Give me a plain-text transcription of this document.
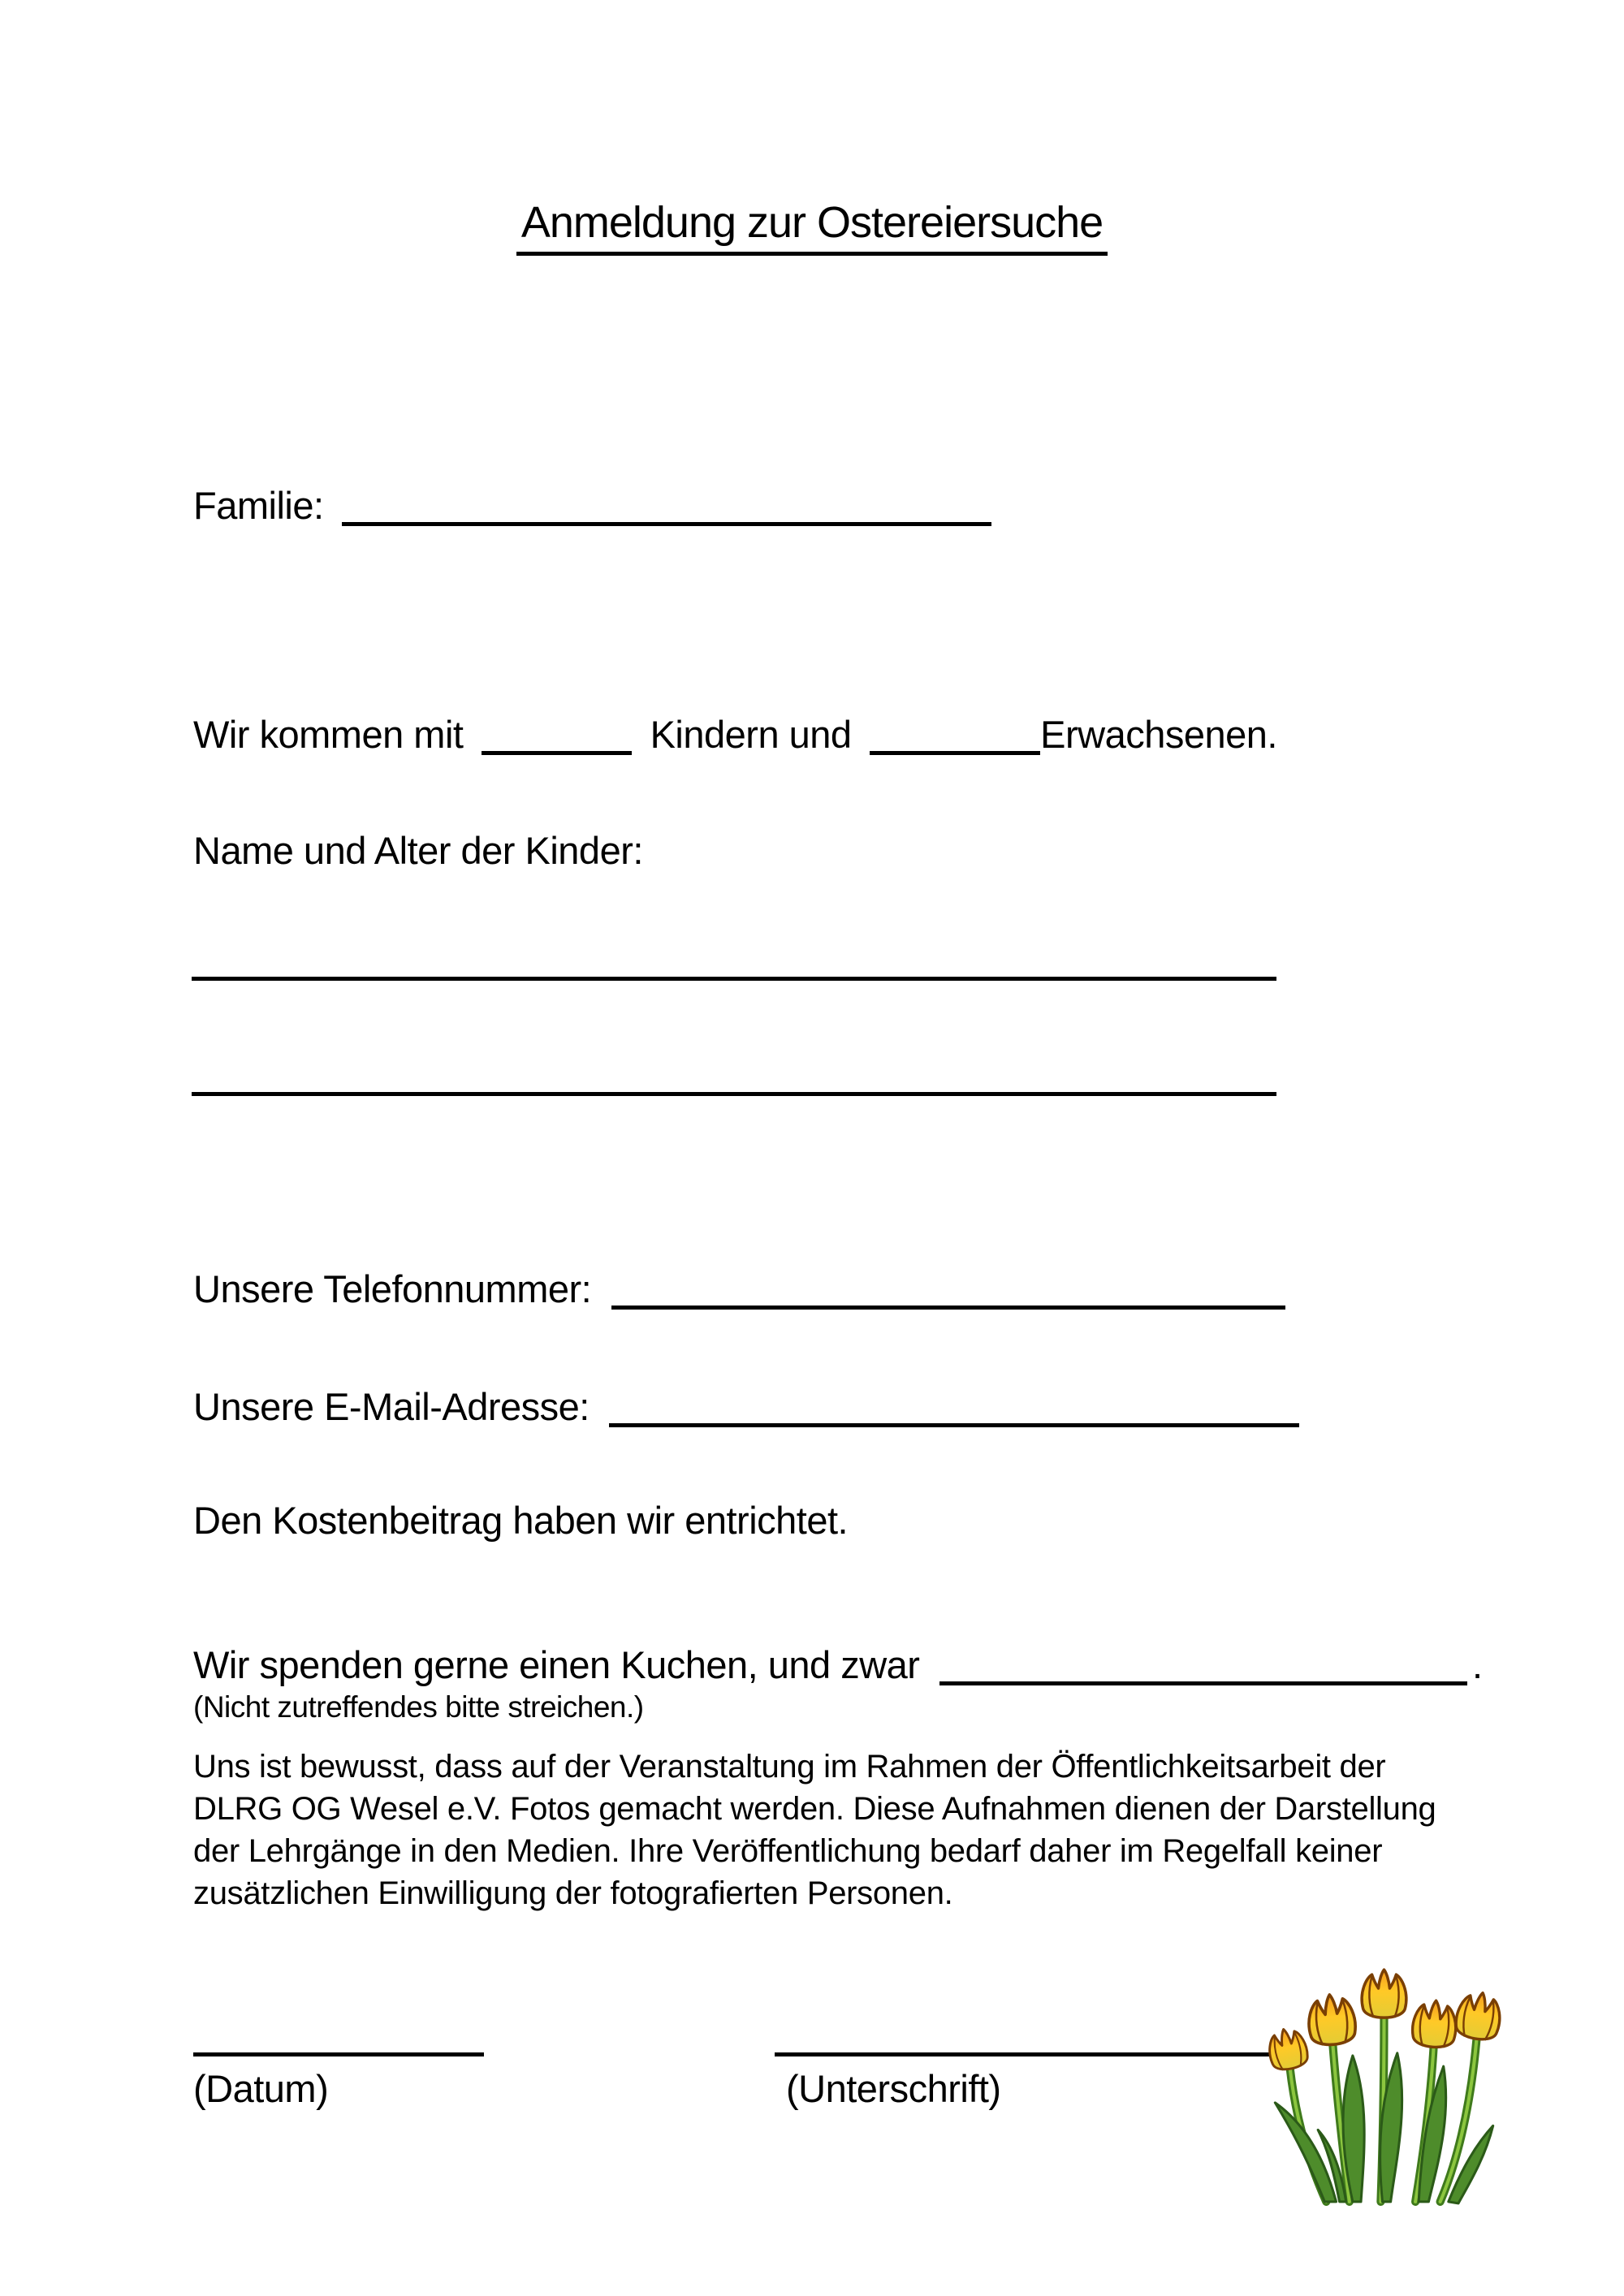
Anmeldung zur Ostereiersuche
Familie:
Wir kommen mit	Kindern und	Erwachsenen.
Name und Alter der Kinder:
Unsere Telefonnummer:
Unsere E-Mail-Adresse:
Den Kostenbeitrag haben wir entrichtet.
Wir spenden gerne einen Kuchen, und zwar	.
(Nicht zutreffendes bitte streichen.)
Uns ist bewusst, dass auf der Veranstaltung im Rahmen der Öffentlichkeitsarbeit der DLRG OG Wesel e.V. Fotos gemacht werden. Diese Aufnahmen dienen der Darstellung der Lehrgänge in den Medien. Ihre Veröffentlichung bedarf daher im Regelfall keiner zusätzlichen Einwilligung der fotografierten Personen.
(Datum)	(Unterschrift)
